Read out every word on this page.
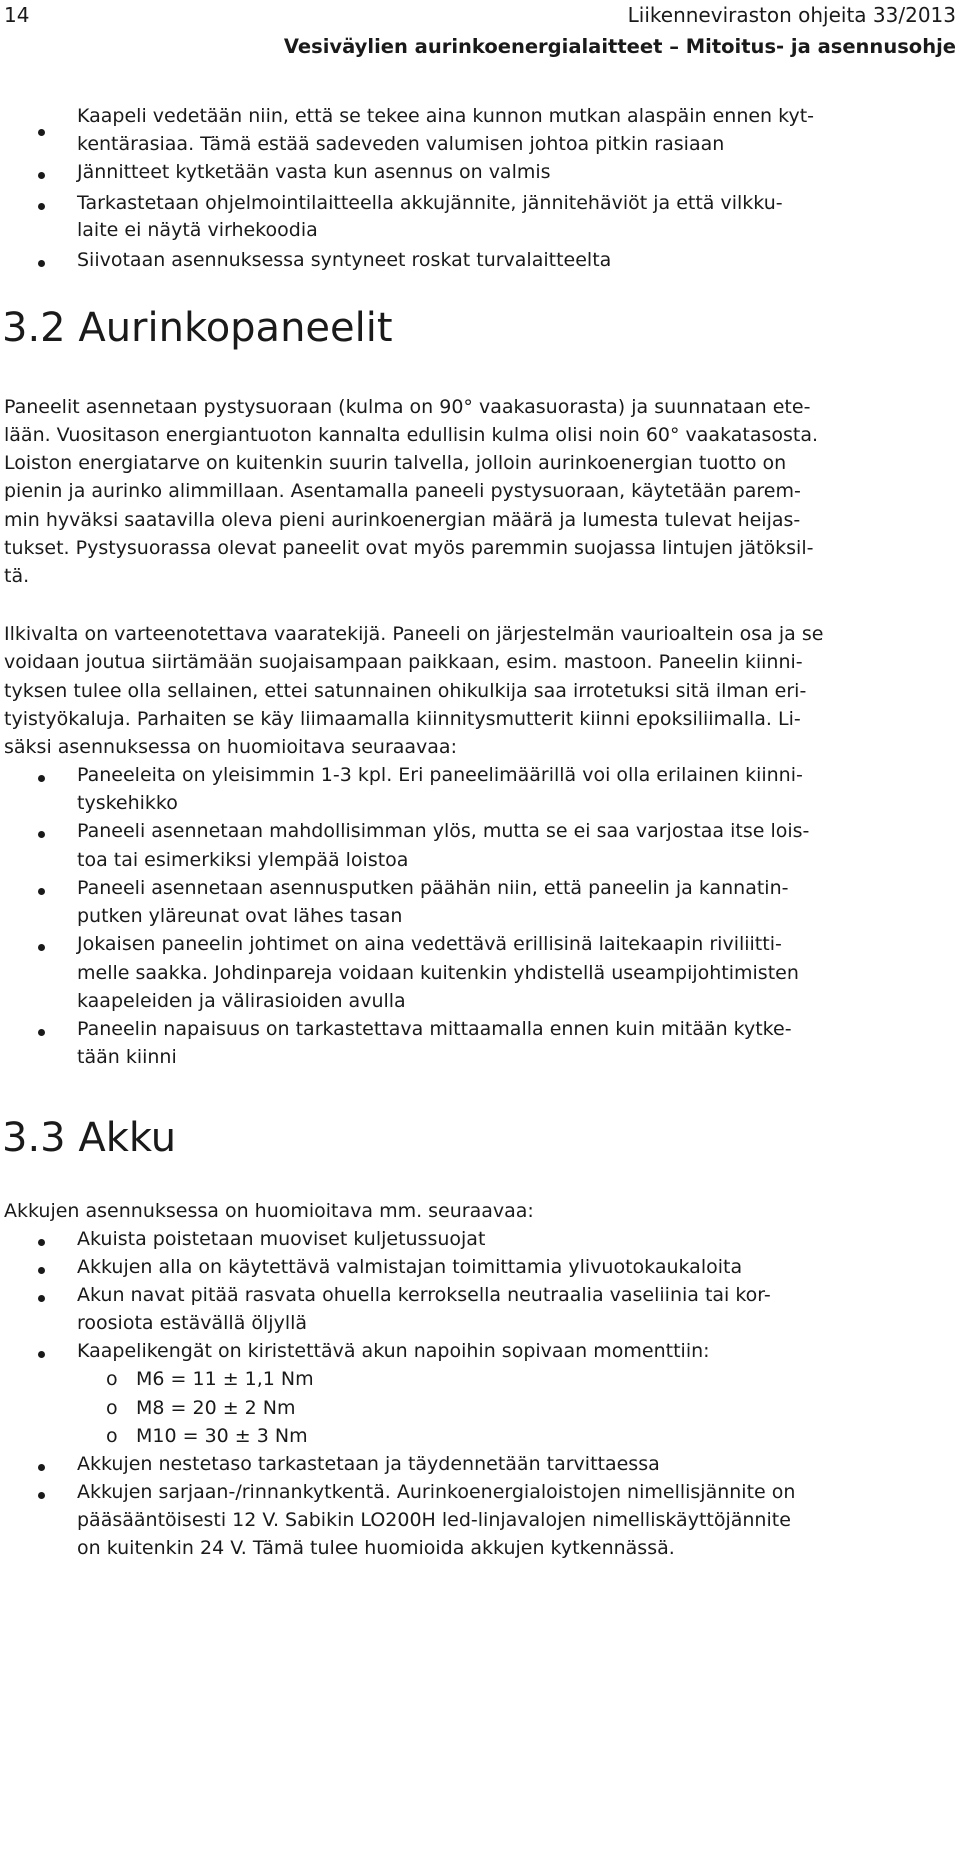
14	Liikenneviraston ohjeita 33/2013
Vesiväylien aurinkoenergialaitteet – Mitoitus- ja asennusohje
Kaapeli vedetään niin, että se tekee aina kunnon mutkan alaspäin ennen kyt-
kentärasiaa. Tämä estää sadeveden valumisen johtoa pitkin rasiaan
Jännitteet kytketään vasta kun asennus on valmis
Tarkastetaan ohjelmointilaitteella akkujännite, jännitehäviöt ja että vilkku-
laite ei näytä virhekoodia
Siivotaan asennuksessa syntyneet roskat turvalaitteelta
3.2 Aurinkopaneelit
Paneelit asennetaan pystysuoraan (kulma on 90° vaakasuorasta) ja suunnataan ete-
lään. Vuositason energiantuoton kannalta edullisin kulma olisi noin 60° vaakatasosta.
Loiston energiatarve on kuitenkin suurin talvella, jolloin aurinkoenergian tuotto on
pienin ja aurinko alimmillaan. Asentamalla paneeli pystysuoraan, käytetään parem-
min hyväksi saatavilla oleva pieni aurinkoenergian määrä ja lumesta tulevat heijas-
tukset. Pystysuorassa olevat paneelit ovat myös paremmin suojassa lintujen jätöksil-
tä.
Ilkivalta on varteenotettava vaaratekijä. Paneeli on järjestelmän vaurioaltein osa ja se
voidaan joutua siirtämään suojaisampaan paikkaan, esim. mastoon. Paneelin kiinni-
tyksen tulee olla sellainen, ettei satunnainen ohikulkija saa irrotetuksi sitä ilman eri-
tyistyökaluja. Parhaiten se käy liimaamalla kiinnitysmutterit kiinni epoksiliimalla. Li-
säksi asennuksessa on huomioitava seuraavaa:
Paneeleita on yleisimmin 1-3 kpl. Eri paneelimäärillä voi olla erilainen kiinni-
tyskehikko
Paneeli asennetaan mahdollisimman ylös, mutta se ei saa varjostaa itse lois-
toa tai esimerkiksi ylempää loistoa
Paneeli asennetaan asennusputken päähän niin, että paneelin ja kannatin-
putken yläreunat ovat lähes tasan
Jokaisen paneelin johtimet on aina vedettävä erillisinä laitekaapin riviliitti-
melle saakka. Johdinpareja voidaan kuitenkin yhdistellä useampijohtimisten
kaapeleiden ja välirasioiden avulla
Paneelin napaisuus on tarkastettava mittaamalla ennen kuin mitään kytke-
tään kiinni
3.3 Akku
Akkujen asennuksessa on huomioitava mm. seuraavaa:
Akuista poistetaan muoviset kuljetussuojat
Akkujen alla on käytettävä valmistajan toimittamia ylivuotokaukaloita
Akun navat pitää rasvata ohuella kerroksella neutraalia vaseliinia tai kor-
roosiota estävällä öljyllä
Kaapelikengät on kiristettävä akun napoihin sopivaan momenttiin:
o M6 = 11 ± 1,1 Nm
o M8 = 20 ± 2 Nm
o M10 = 30 ± 3 Nm
Akkujen nestetaso tarkastetaan ja täydennetään tarvittaessa
Akkujen sarjaan-/rinnankytkentä. Aurinkoenergialoistojen nimellisjännite on
pääsääntöisesti 12 V. Sabikin LO200H led-linjavalojen nimelliskäyttöjännite
on kuitenkin 24 V. Tämä tulee huomioida akkujen kytkennässä.
